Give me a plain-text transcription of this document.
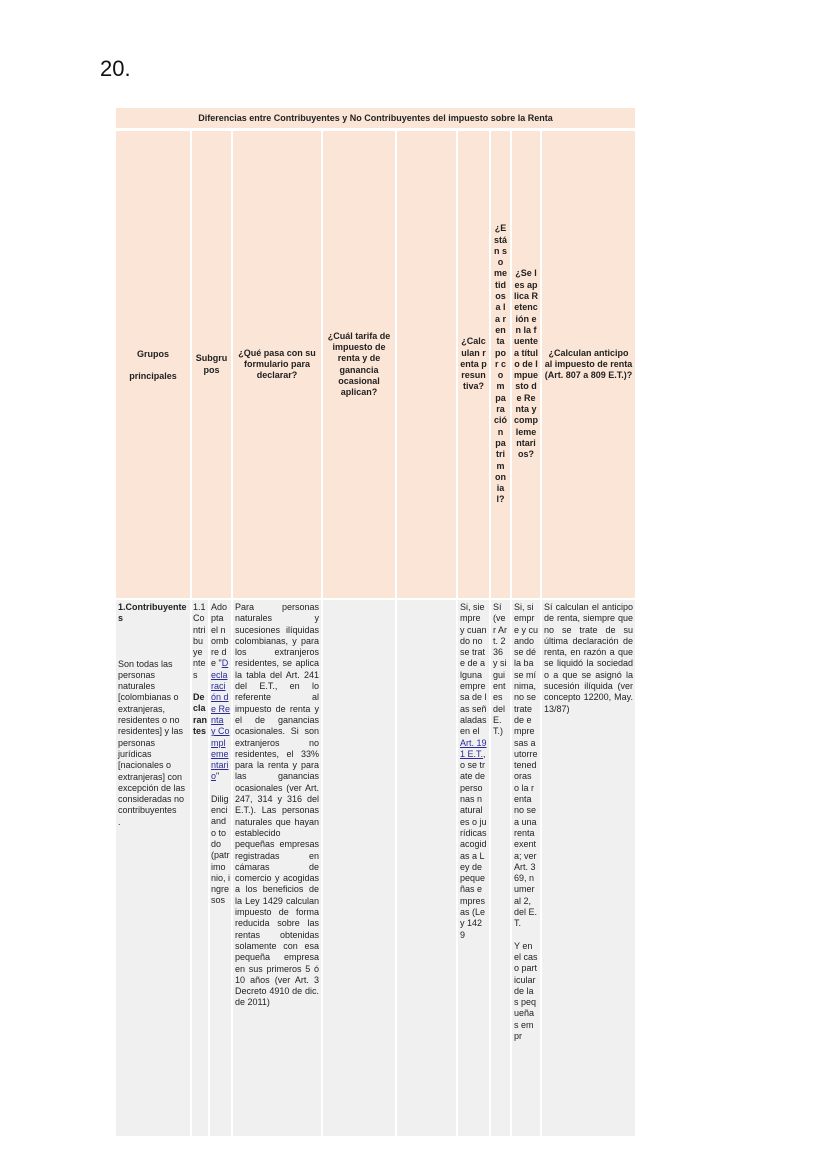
20.
Diferencias entre Contribuyentes y No Contribuyentes del impuesto sobre la Renta
Grupos principales
Subgrupos
¿Qué pasa con su formulario para declarar?
¿Cuál tarifa de impuesto de renta y de ganancia ocasional aplican?
¿Calculan renta presuntiva?
¿Están sometidos a la renta por comparación patrimonial?
¿Se les aplica Retención en la fuente a título de Impuesto de Renta y complementarios?
¿Calculan anticipo al impuesto de renta (Art. 807 a 809 E.T.)?
1.Contribuyentes
Son todas las personas naturales [colombianas o extranjeras, residentes o no residentes] y las personas jurídicas [nacionales o extranjeras] con excepción de las consideradas no contribuyentes
.
1.1Contribuyentes
Declarantes
Adopta el nombre de "Declaración de Renta y Complementario"
Diligenciando todo (patrimonio, ingresos
Para personas naturales y sucesiones ilíquidas colombianas, y para los extranjeros residentes, se aplica la tabla del Art. 241 del E.T., en lo referente al impuesto de renta y el de ganancias ocasionales. Si son extranjeros no residentes, el 33% para la renta y para las ganancias ocasionales (ver Art. 247, 314 y 316 del E.T.). Las personas naturales que hayan establecido pequeñas empresas registradas en cámaras de comercio y acogidas a los beneficios de la Ley 1429 calculan impuesto de forma reducida sobre las rentas obtenidas solamente con esa pequeña empresa en sus primeros 5 ó 10 años (ver Art. 3 Decreto 4910 de dic. de 2011)
Si, siempre y cuando no se trate de alguna empresa de las señaladas en el Art. 191 E.T., o se trate de personas naturales o jurídicas acogidas a Ley de pequeñas empresas (Ley 1429
Sí (ver Art. 236 y siguientes del E.T.)
Si, siempre y cuando se dé la base mínima, no se trate de empresas autorretenedoras o la renta no sea una renta exenta; ver Art. 369, numeral 2, del E.T.
Y en el caso particular de las pequeñas empr
Sí calculan el anticipo de renta, siempre que no se trate de su última declaración de renta, en razón a que se liquidó la sociedad o a que se asignó la sucesión ilíquida (ver concepto 12200, May. 13/87)
